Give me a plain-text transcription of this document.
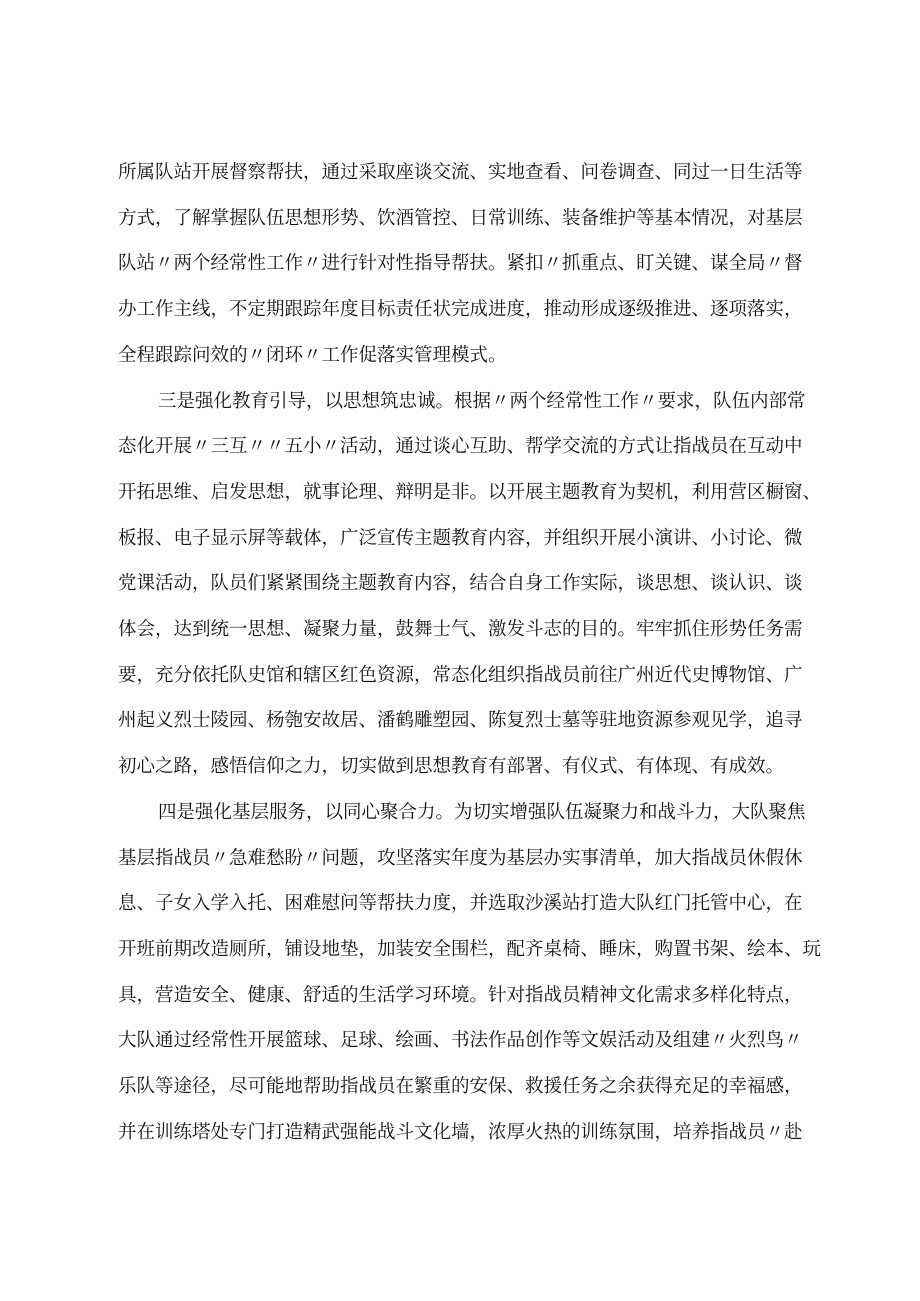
所属队站开展督察帮扶，通过采取座谈交流、实地查看、问卷调查、同过一日生活等
方式，了解掌握队伍思想形势、饮酒管控、日常训练、装备维护等基本情况，对基层
队站〃两个经常性工作〃进行针对性指导帮扶。紧扣〃抓重点、盯关键、谋全局〃督
办工作主线，不定期跟踪年度目标责任状完成进度，推动形成逐级推进、逐项落实，
全程跟踪问效的〃闭环〃工作促落实管理模式。

三是强化教育引导，以思想筑忠诚。根据〃两个经常性工作〃要求，队伍内部常
态化开展〃三互〃〃五小〃活动，通过谈心互助、帮学交流的方式让指战员在互动中
开拓思维、启发思想，就事论理、辩明是非。以开展主题教育为契机，利用营区橱窗、
板报、电子显示屏等载体，广泛宣传主题教育内容，并组织开展小演讲、小讨论、微
党课活动，队员们紧紧围绕主题教育内容，结合自身工作实际，谈思想、谈认识、谈
体会，达到统一思想、凝聚力量，鼓舞士气、激发斗志的目的。牢牢抓住形势任务需
要，充分依托队史馆和辖区红色资源，常态化组织指战员前往广州近代史博物馆、广
州起义烈士陵园、杨匏安故居、潘鹤雕塑园、陈复烈士墓等驻地资源参观见学，追寻
初心之路，感悟信仰之力，切实做到思想教育有部署、有仪式、有体现、有成效。

四是强化基层服务，以同心聚合力。为切实增强队伍凝聚力和战斗力，大队聚焦
基层指战员〃急难愁盼〃问题，攻坚落实年度为基层办实事清单，加大指战员休假休
息、子女入学入托、困难慰问等帮扶力度，并选取沙溪站打造大队红门托管中心，在
开班前期改造厕所，铺设地垫，加装安全围栏，配齐桌椅、睡床，购置书架、绘本、玩
具，营造安全、健康、舒适的生活学习环境。针对指战员精神文化需求多样化特点，
大队通过经常性开展篮球、足球、绘画、书法作品创作等文娱活动及组建〃火烈鸟〃
乐队等途径，尽可能地帮助指战员在繁重的安保、救援任务之余获得充足的幸福感，
并在训练塔处专门打造精武强能战斗文化墙，浓厚火热的训练氛围，培养指战员〃赴
